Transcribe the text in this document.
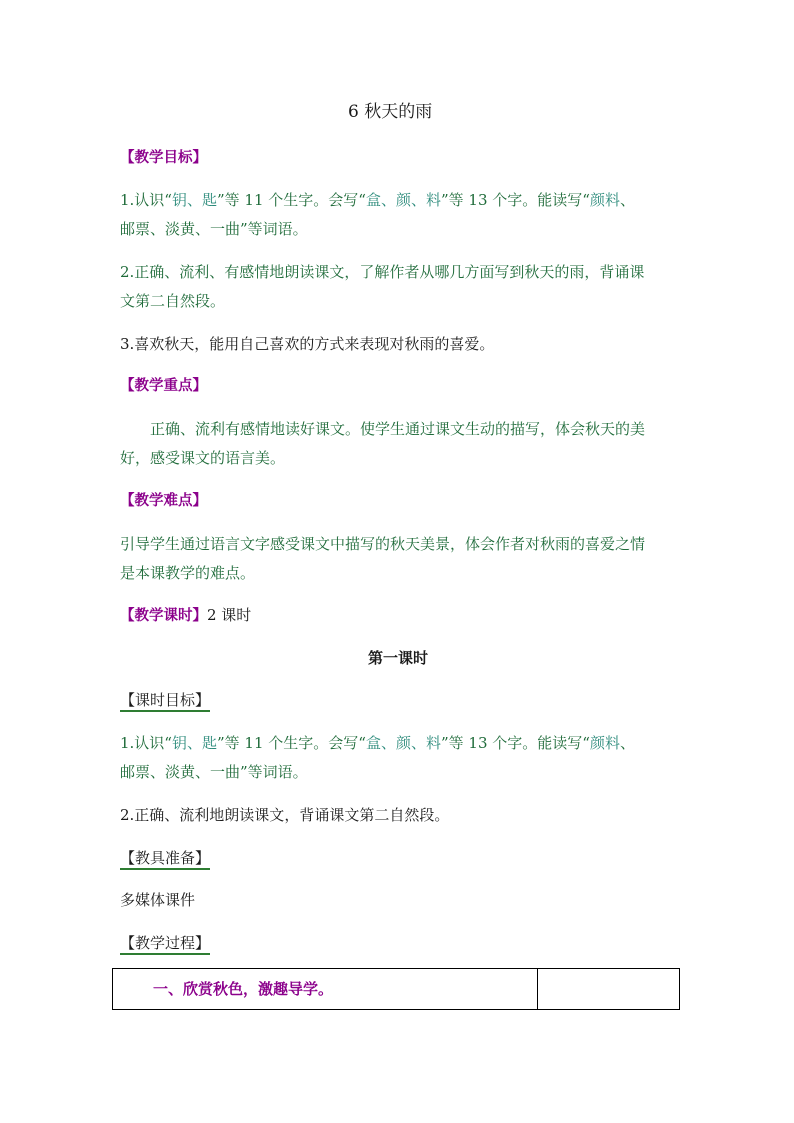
6 秋天的雨
【教学目标】
1.认识“钥、匙”等 11 个生字。会写“盒、颜、料”等 13 个字。能读写“颜料、
邮票、淡黄、一曲”等词语。
2.正确、流利、有感情地朗读课文，了解作者从哪几方面写到秋天的雨，背诵课
文第二自然段。
3.喜欢秋天，能用自己喜欢的方式来表现对秋雨的喜爱。
【教学重点】
正确、流利有感情地读好课文。使学生通过课文生动的描写，体会秋天的美
好，感受课文的语言美。
【教学难点】
引导学生通过语言文字感受课文中描写的秋天美景，体会作者对秋雨的喜爱之情
是本课教学的难点。
【教学课时】2 课时
第一课时
【课时目标】
1.认识“钥、匙”等 11 个生字。会写“盒、颜、料”等 13 个字。能读写“颜料、
邮票、淡黄、一曲”等词语。
2.正确、流利地朗读课文，背诵课文第二自然段。
【教具准备】
多媒体课件
【教学过程】
一、欣赏秋色，激趣导学。
